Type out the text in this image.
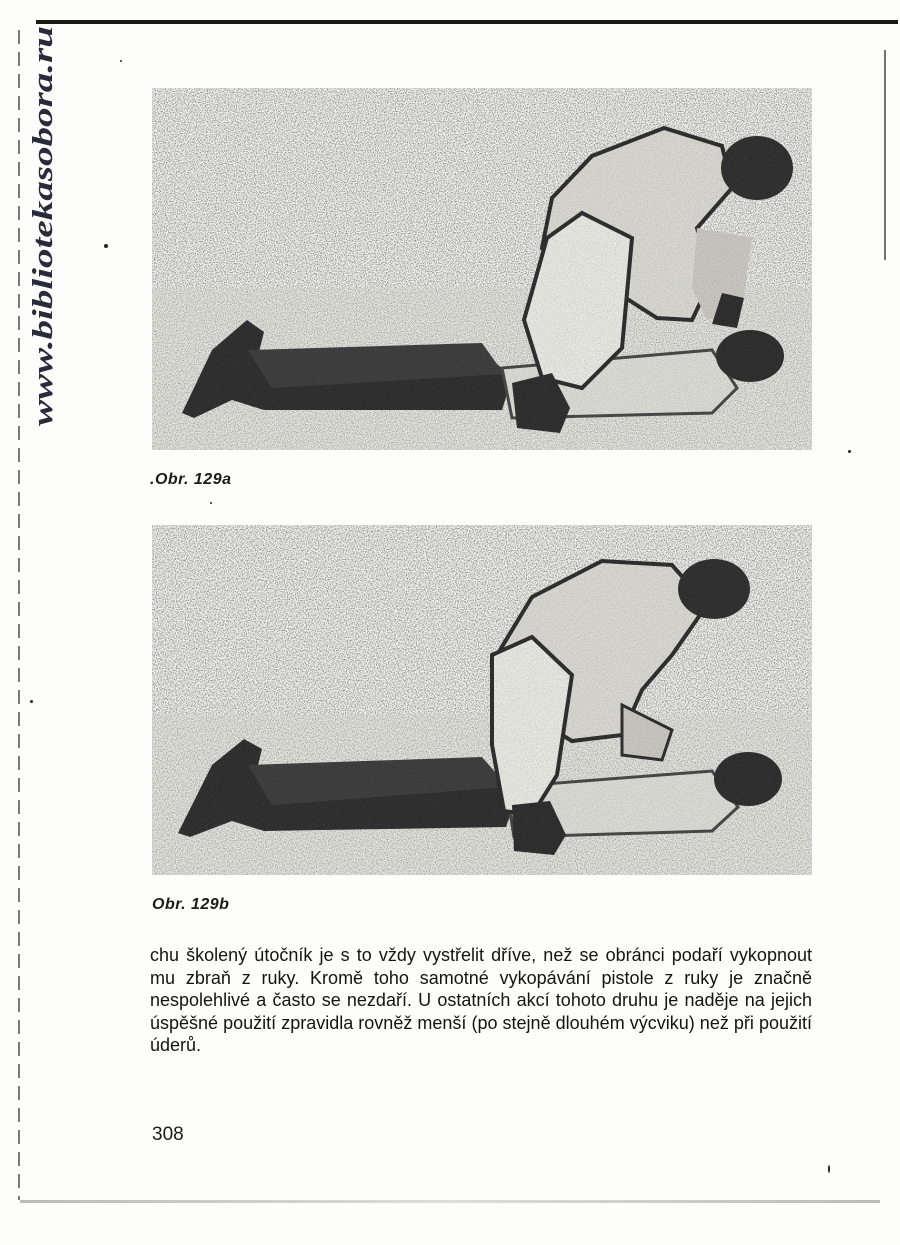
www.bibliotekasobora.ru
.Obr. 129a
Obr. 129b
chu školený útočník je s to vždy vystřelit dříve, než se obránci podaří vykopnout mu zbraň z ruky. Kromě toho samotné vykopávání pistole z ruky je značně nespolehlivé a často se nezdaří. U ostatních akcí tohoto druhu je naděje na jejich úspěšné použití zpravidla rovněž menší (po stejně dlouhém výcviku) než při použití úderů.
308
